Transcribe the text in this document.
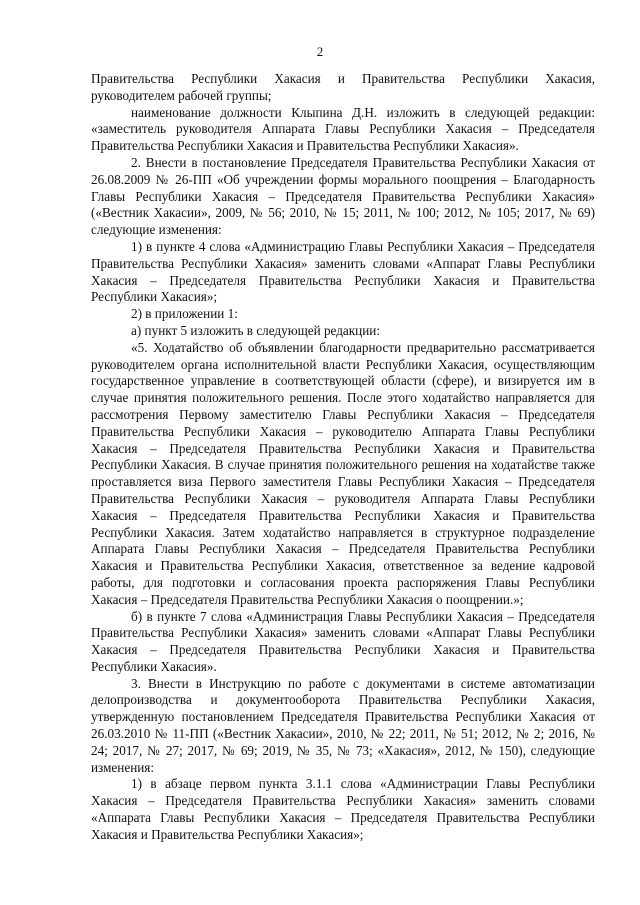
2

Правительства Республики Хакасия и Правительства Республики Хакасия, руководителем рабочей группы;

наименование должности Клыпина Д.Н. изложить в следующей редакции: «заместитель руководителя Аппарата Главы Республики Хакасия – Председателя Правительства Республики Хакасия и Правительства Республики Хакасия».

2. Внести в постановление Председателя Правительства Республики Хакасия от 26.08.2009 № 26-ПП «Об учреждении формы морального поощрения – Благодарность Главы Республики Хакасия – Председателя Правительства Республики Хакасия» («Вестник Хакасии», 2009, № 56; 2010, № 15; 2011, № 100; 2012, № 105; 2017, № 69) следующие изменения:

1) в пункте 4 слова «Администрацию Главы Республики Хакасия – Председателя Правительства Республики Хакасия» заменить словами «Аппарат Главы Республики Хакасия – Председателя Правительства Республики Хакасия и Правительства Республики Хакасия»;

2) в приложении 1:

а) пункт 5 изложить в следующей редакции:

«5. Ходатайство об объявлении благодарности предварительно рассматривается руководителем органа исполнительной власти Республики Хакасия, осуществляющим государственное управление в соответствующей области (сфере), и визируется им в случае принятия положительного решения. После этого ходатайство направляется для рассмотрения Первому заместителю Главы Республики Хакасия – Председателя Правительства Республики Хакасия – руководителю Аппарата Главы Республики Хакасия – Председателя Правительства Республики Хакасия и Правительства Республики Хакасия. В случае принятия положительного решения на ходатайстве также проставляется виза Первого заместителя Главы Республики Хакасия – Председателя Правительства Республики Хакасия – руководителя Аппарата Главы Республики Хакасия – Председателя Правительства Республики Хакасия и Правительства Республики Хакасия. Затем ходатайство направляется в структурное подразделение Аппарата Главы Республики Хакасия – Председателя Правительства Республики Хакасия и Правительства Республики Хакасия, ответственное за ведение кадровой работы, для подготовки и согласования проекта распоряжения Главы Республики Хакасия – Председателя Правительства Республики Хакасия о поощрении.»;

б) в пункте 7 слова «Администрация Главы Республики Хакасия – Председателя Правительства Республики Хакасия» заменить словами «Аппарат Главы Республики Хакасия – Председателя Правительства Республики Хакасия и Правительства Республики Хакасия».

3. Внести в Инструкцию по работе с документами в системе автоматизации делопроизводства и документооборота Правительства Республики Хакасия, утвержденную постановлением Председателя Правительства Республики Хакасия от 26.03.2010 № 11-ПП («Вестник Хакасии», 2010, № 22; 2011, № 51; 2012, № 2; 2016, № 24; 2017, № 27; 2017, № 69; 2019, № 35, № 73; «Хакасия», 2012, № 150), следующие изменения:

1) в абзаце первом пункта 3.1.1 слова «Администрации Главы Республики Хакасия – Председателя Правительства Республики Хакасия» заменить словами «Аппарата Главы Республики Хакасия – Председателя Правительства Республики Хакасия и Правительства Республики Хакасия»;
